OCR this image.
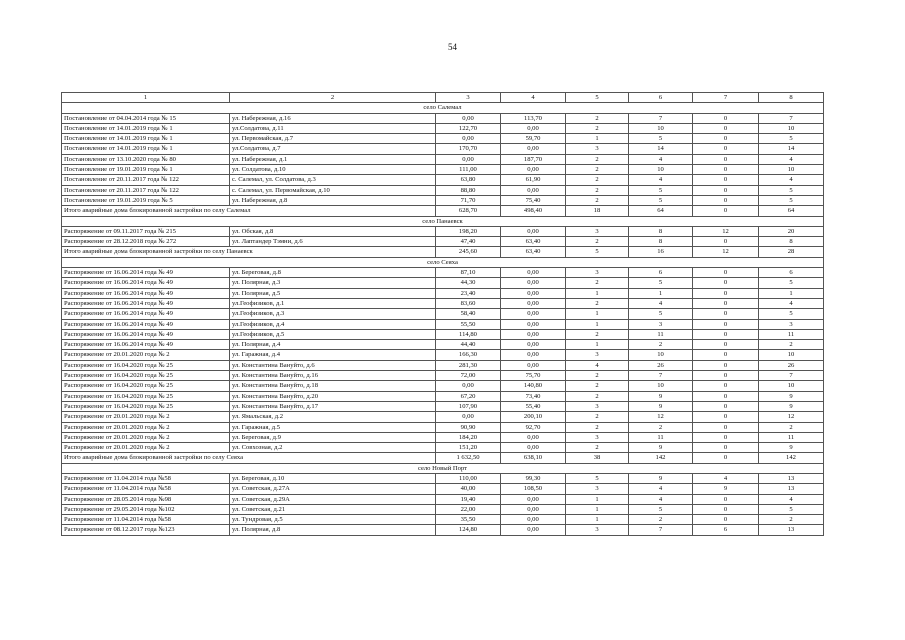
54
1	2	3	4	5	6	7	8
село Салемал							
Постановление от 04.04.2014 года № 15	ул. Набережная, д.16	0,00	113,70	2	7	0	7
Постановление от 14.01.2019 года № 1	ул.Солдатова, д.11	122,70	0,00	2	10	0	10
Постановление от 14.01.2019 года № 1	ул. Первомайская, д.7	0,00	59,70	1	5	0	5
Постановление от 14.01.2019 года № 1	ул.Солдатова, д.7	170,70	0,00	3	14	0	14
Постановление от 13.10.2020 года № 80	ул. Набережная, д.1	0,00	187,70	2	4	0	4
Постановление от 19.01.2019 года № 1	ул. Солдатова, д.10	111,00	0,00	2	10	0	10
Постановление от 20.11.2017 года № 122	с. Салемал, ул. Солдатова, д.3	63,80	61,90	2	4	0	4
Постановление от 20.11.2017 года № 122	с. Салемал, ул. Первомайская, д.10	88,80	0,00	2	5	0	5
Постановление от 19.01.2019 года № 5	ул. Набережная, д.8	71,70	75,40	2	5	0	5
Итого аварийные дома блокированной застройки по селу Салемал		628,70	498,40	18	64	0	64
село Панаевск							
Распоряжение от 09.11.2017 года № 215	ул. Обская, д.8	198,20	0,00	3	8	12	20
Распоряжение от 28.12.2018 года № 272	ул. Лаптандер Тэмни, д.6	47,40	63,40	2	8	0	8
Итого аварийные дома блокированной застройки по селу Панаевск		245,60	63,40	5	16	12	28
село Сеяха							
Распоряжение от 16.06.2014 года № 49	ул. Береговая, д.8	87,10	0,00	3	6	0	6
Распоряжение от 16.06.2014 года № 49	ул. Полярная, д.3	44,30	0,00	2	5	0	5
Распоряжение от 16.06.2014 года № 49	ул. Полярная, д.5	23,40	0,00	1	1	0	1
Распоряжение от 16.06.2014 года № 49	ул.Геофизиков, д.1	83,60	0,00	2	4	0	4
Распоряжение от 16.06.2014 года № 49	ул.Геофизиков, д.3	58,40	0,00	1	5	0	5
Распоряжение от 16.06.2014 года № 49	ул.Геофизиков, д.4	55,50	0,00	1	3	0	3
Распоряжение от 16.06.2014 года № 49	ул.Геофизиков, д.5	114,80	0,00	2	11	0	11
Распоряжение от 16.06.2014 года № 49	ул. Полярная, д.4	44,40	0,00	1	2	0	2
Распоряжение от 20.01.2020 года № 2	ул. Гаражная, д.4	166,30	0,00	3	10	0	10
Распоряжение от 16.04.2020 года № 25	ул. Константина Вануйто, д.6	281,30	0,00	4	26	0	26
Распоряжение от 16.04.2020 года № 25	ул. Константина Вануйто, д.16	72,00	75,70	2	7	0	7
Распоряжение от 16.04.2020 года № 25	ул. Константина Вануйто, д.18	0,00	140,80	2	10	0	10
Распоряжение от 16.04.2020 года № 25	ул. Константина Вануйто, д.20	67,20	73,40	2	9	0	9
Распоряжение от 16.04.2020 года № 25	ул. Константина Вануйто, д.17	107,90	55,40	3	9	0	9
Распоряжение от 20.01.2020 года № 2	ул. Ямальская, д.2	0,00	200,10	2	12	0	12
Распоряжение от 20.01.2020 года № 2	ул. Гаражная, д.5	90,90	92,70	2	2	0	2
Распоряжение от 20.01.2020 года № 2	ул. Береговая, д.9	184,20	0,00	3	11	0	11
Распоряжение от 20.01.2020 года № 2	ул. Совхозная, д.2	151,20	0,00	2	9	0	9
Итого аварийные дома блокированной застройки по селу Сеяха		1 632,50	638,10	38	142	0	142
село Новый Порт							
Распоряжение от 11.04.2014 года №58	ул. Береговая, д.10	110,00	99,30	5	9	4	13
Распоряжение от 11.04.2014 года №58	ул. Советская, д.27А	40,00	108,50	3	4	9	13
Распоряжение от 28.05.2014 года №98	ул. Советская, д.29А	19,40	0,00	1	4	0	4
Распоряжение от 29.05.2014 года №102	ул. Советская, д.21	22,00	0,00	1	5	0	5
Распоряжение от 11.04.2014 года №58	ул. Тундровая, д.5	35,50	0,00	1	2	0	2
Распоряжение от 08.12.2017 года №123	ул. Полярная, д.8	124,80	0,00	3	7	6	13
